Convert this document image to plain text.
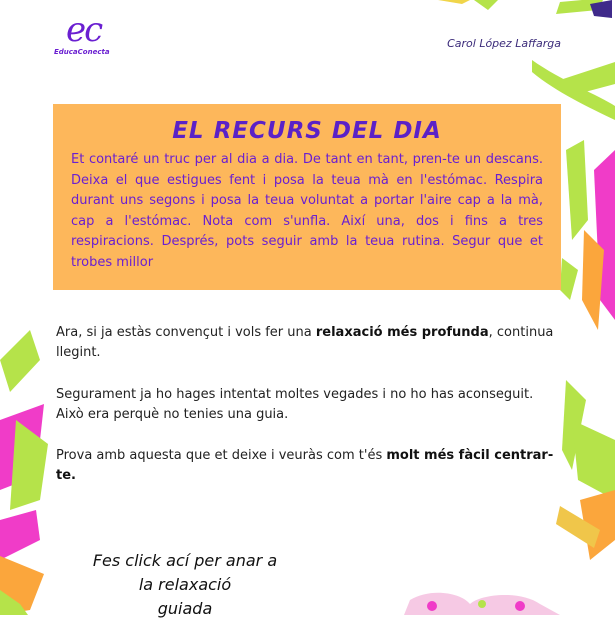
ec
EducaConecta
Carol López Laffarga
EL RECURS DEL DIA

Et contaré un truc per al dia a dia. De tant en tant, pren-te un descans. Deixa el que estigues fent i posa la teua mà en l'estómac. Respira durant uns segons i posa la teua voluntat a portar l'aire cap a la mà, cap a l'estómac. Nota com s'unfla. Així una, dos i fins a tres respiracions. Després, pots seguir amb la teua rutina. Segur que et trobes millor

Ara, si ja estàs convençut i vols fer una relaxació més profunda, continua llegint.

Segurament ja ho hages intentat moltes vegades i no ho has aconseguit. Això era perquè no tenies una guia.

Prova amb aquesta que et deixe i veuràs com t'és molt més fàcil centrar-te.

Fes click ací per anar a
la relaxació
guiada
